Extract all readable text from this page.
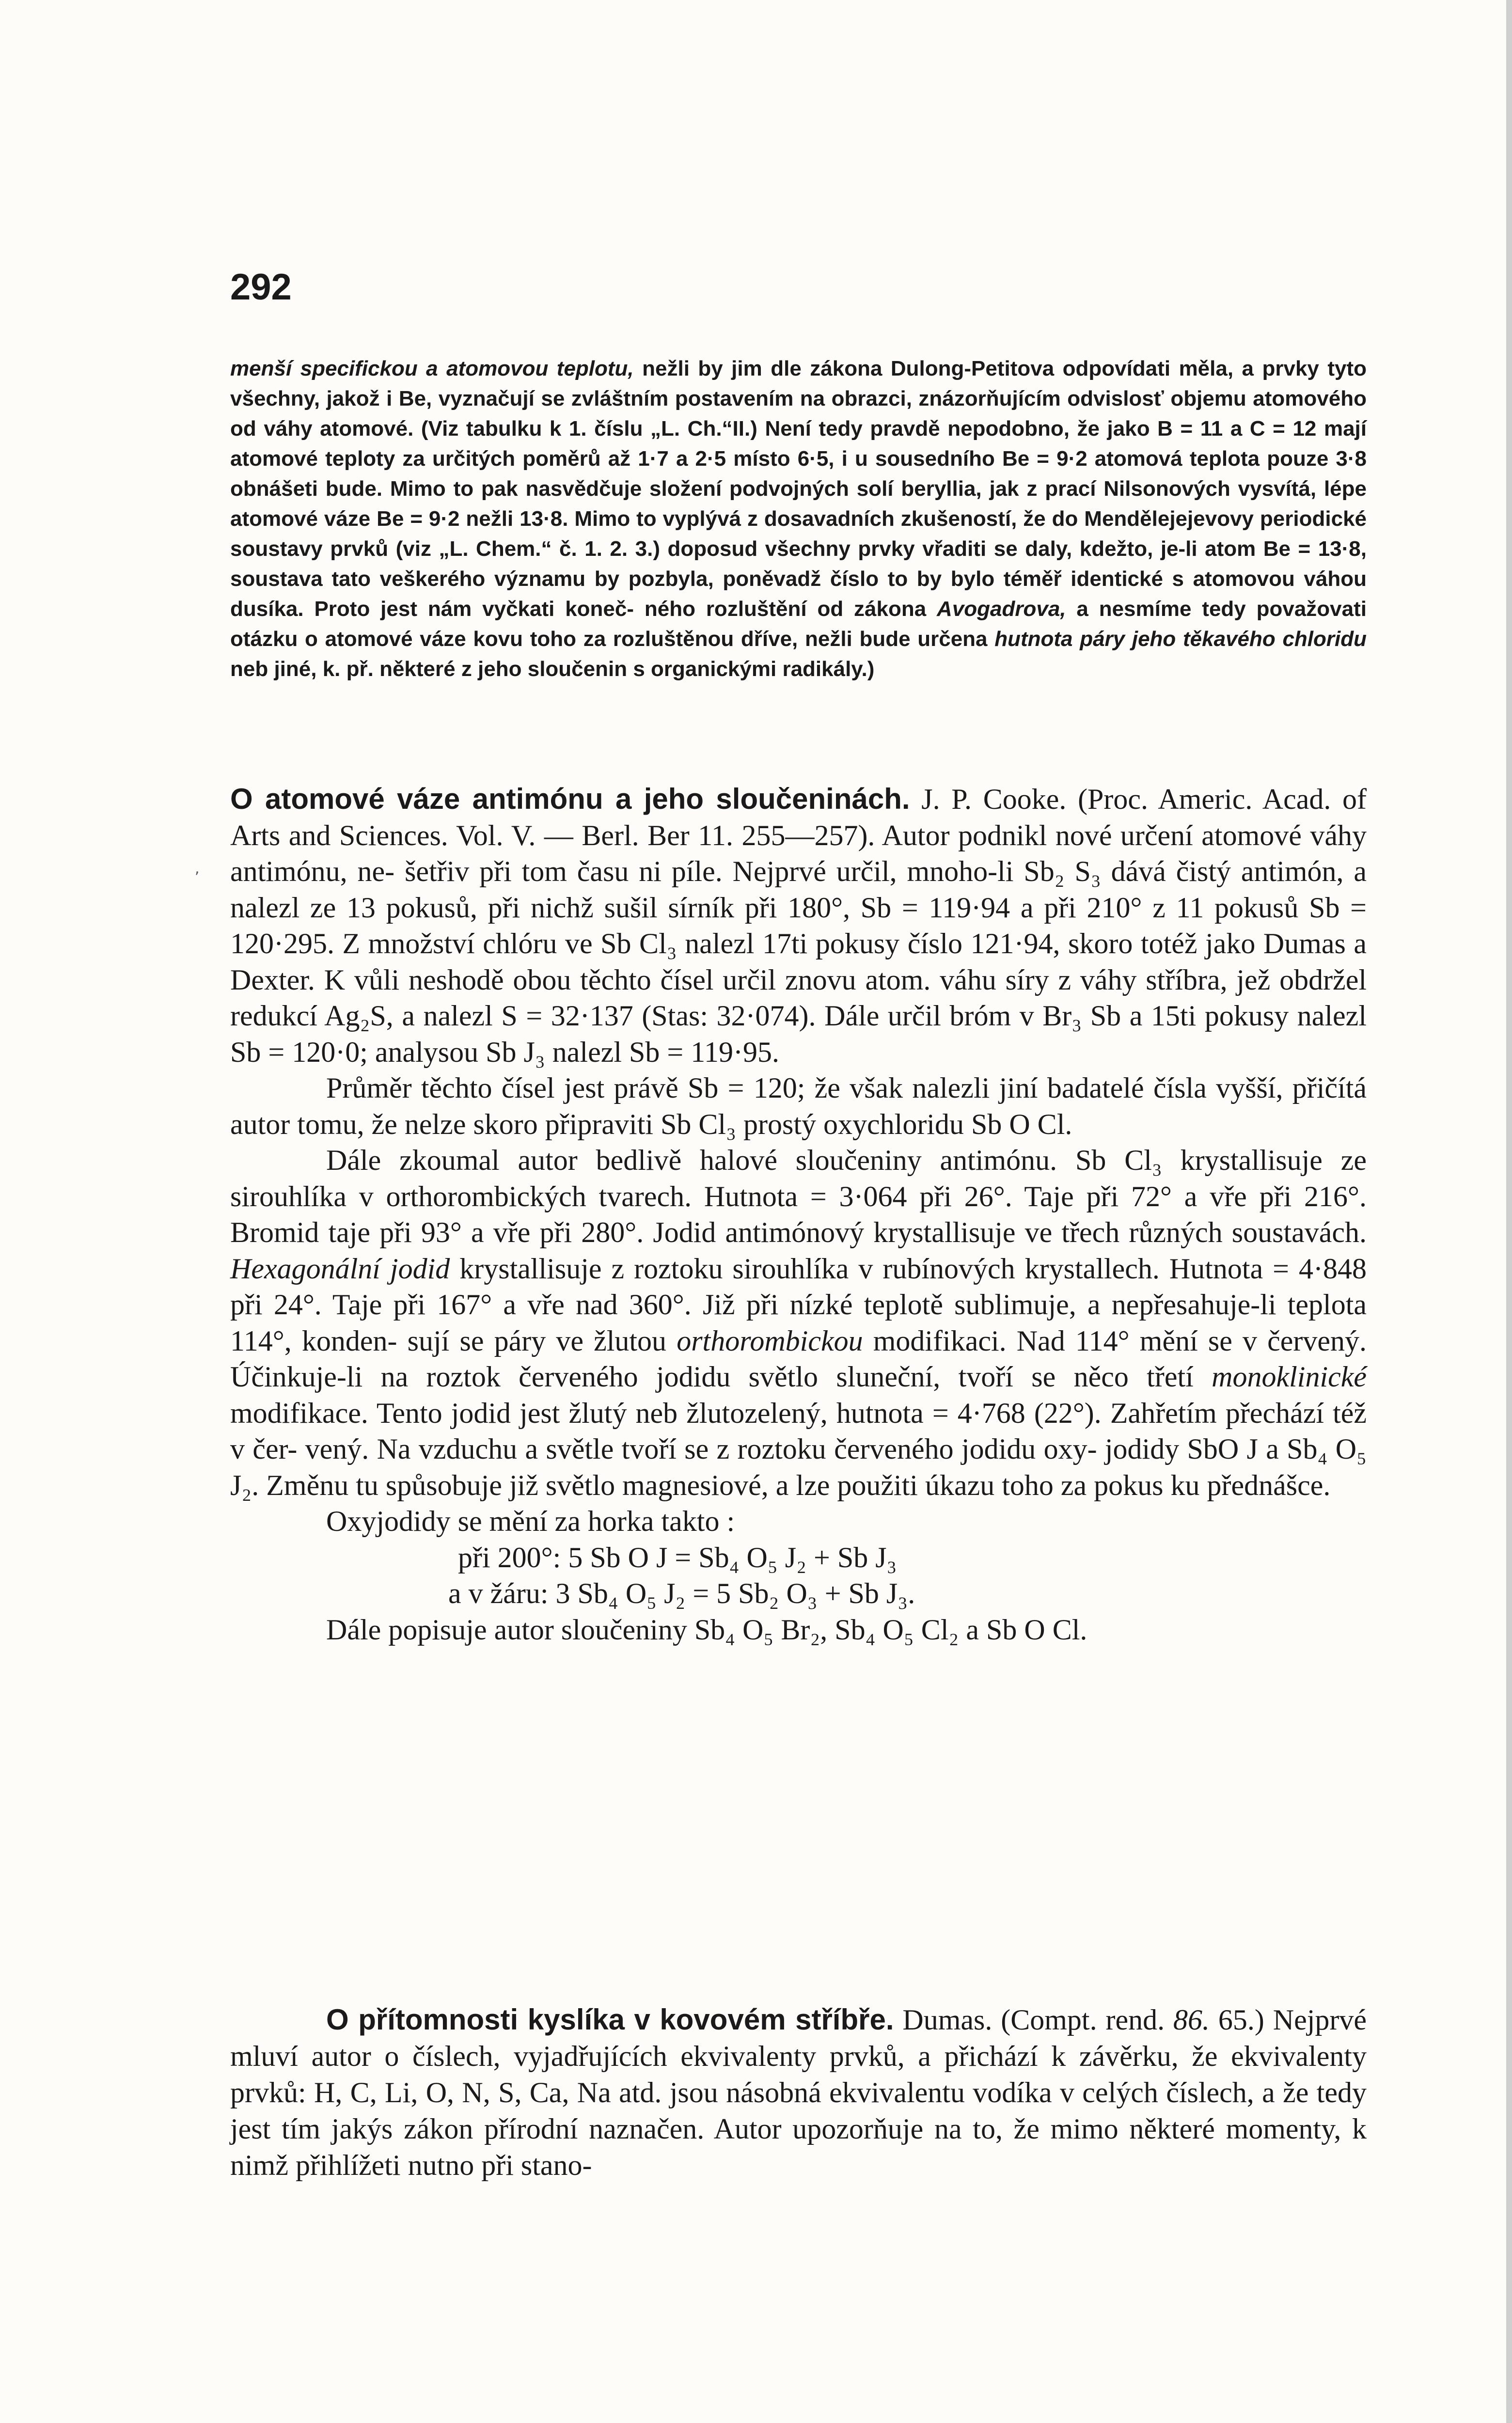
292

menší specifickou a atomovou teplotu, nežli by jim dle zákona Dulong-Petitova odpovídati měla, a prvky tyto všechny, jakož i Be, vyznačují se zvláštním postavením na obrazci, znázorňujícím odvislosť objemu atomového od váhy atomové. (Viz tabulku k 1. číslu „L. Ch.“II.) Není tedy pravdě nepodobno, že jako B = 11 a C = 12 mají atomové teploty za určitých poměrů až 1·7 a 2·5 místo 6·5, i u sousedního Be = 9·2 atomová teplota pouze 3·8 obnášeti bude. Mimo to pak nasvědčuje složení podvojných solí beryllia, jak z prací Nilsonových vysvítá, lépe atomové váze Be = 9·2 nežli 13·8. Mimo to vyplývá z dosavadních zkušeností, že do Mendělejejevovy periodické soustavy prvků (viz „L. Chem.“ č. 1. 2. 3.) doposud všechny prvky vřaditi se daly, kdežto, je-li atom Be = 13·8, soustava tato veškerého významu by pozbyla, poněvadž číslo to by bylo téměř identické s atomovou váhou dusíka. Proto jest nám vyčkati koneč- ného rozluštění od zákona Avogadrova, a nesmíme tedy považovati otázku o atomové váze kovu toho za rozluštěnou dříve, nežli bude určena hutnota páry jeho těkavého chloridu neb jiné, k. př. některé z jeho sloučenin s organickými radikály.)

O atomové váze antimónu a jeho sloučeninách. J. P. Cooke. (Proc. Americ. Acad. of Arts and Sciences. Vol. V. — Berl. Ber 11. 255—257). Autor podnikl nové určení atomové váhy antimónu, ne- šetřiv při tom času ni píle. Nejprvé určil, mnoho-li Sb₂ S₃ dává čistý antimón, a nalezl ze 13 pokusů, při nichž sušil sírník při 180°, Sb = 119·94 a při 210° z 11 pokusů Sb = 120·295. Z množství chlóru ve Sb Cl₃ nalezl 17ti pokusy číslo 121·94, skoro totéž jako Dumas a Dexter. K vůli neshodě obou těchto čísel určil znovu atom. váhu síry z váhy stříbra, jež obdržel redukcí Ag₂S, a nalezl S = 32·137 (Stas: 32·074). Dále určil bróm v Br₃ Sb a 15ti pokusy nalezl Sb = 120·0; analysou Sb J₃ nalezl Sb = 119·95.

Průměr těchto čísel jest právě Sb = 120; že však nalezli jiní badatelé čísla vyšší, přičítá autor tomu, že nelze skoro připraviti Sb Cl₃ prostý oxychloridu Sb O Cl.

Dále zkoumal autor bedlivě halové sloučeniny antimónu. Sb Cl₃ krystallisuje ze sirouhlíka v orthorombických tvarech. Hutnota = 3·064 při 26°. Taje při 72° a vře při 216°. Bromid taje při 93° a vře při 280°. Jodid antimónový krystallisuje ve třech různých soustavách. Hexagonální jodid krystallisuje z roztoku sirouhlíka v rubínových krystallech. Hutnota = 4·848 při 24°. Taje při 167° a vře nad 360°. Již při nízké teplotě sublimuje, a nepřesahuje-li teplota 114°, konden- sují se páry ve žlutou orthorombickou modifikaci. Nad 114° mění se v červený. Účinkuje-li na roztok červeného jodidu světlo sluneční, tvoří se něco třetí monoklinické modifikace. Tento jodid jest žlutý neb žlutozelený, hutnota = 4·768 (22°). Zahřetím přechází též v čer- vený. Na vzduchu a světle tvoří se z roztoku červeného jodidu oxy- jodidy SbO J a Sb₄ O₅ J₂. Změnu tu spůsobuje již světlo magnesiové, a lze použiti úkazu toho za pokus ku přednášce.

Oxyjodidy se mění za horka takto :

při 200°: 5 Sb O J = Sb₄ O₅ J₂ + Sb J₃

a v žáru: 3 Sb₄ O₅ J₂ = 5 Sb₂ O₃ + Sb J₃.

Dále popisuje autor sloučeniny Sb₄ O₅ Br₂, Sb₄ O₅ Cl₂ a Sb O Cl.

O přítomnosti kyslíka v kovovém stříbře. Dumas. (Compt. rend. 86. 65.) Nejprvé mluví autor o číslech, vyjadřujících ekvivalenty prvků, a přichází k závěrku, že ekvivalenty prvků: H, C, Li, O, N, S, Ca, Na atd. jsou násobná ekvivalentu vodíka v celých číslech, a že tedy jest tím jakýs zákon přírodní naznačen. Autor upozorňuje na to, že mimo některé momenty, k nimž přihlížeti nutno při stano-

,
